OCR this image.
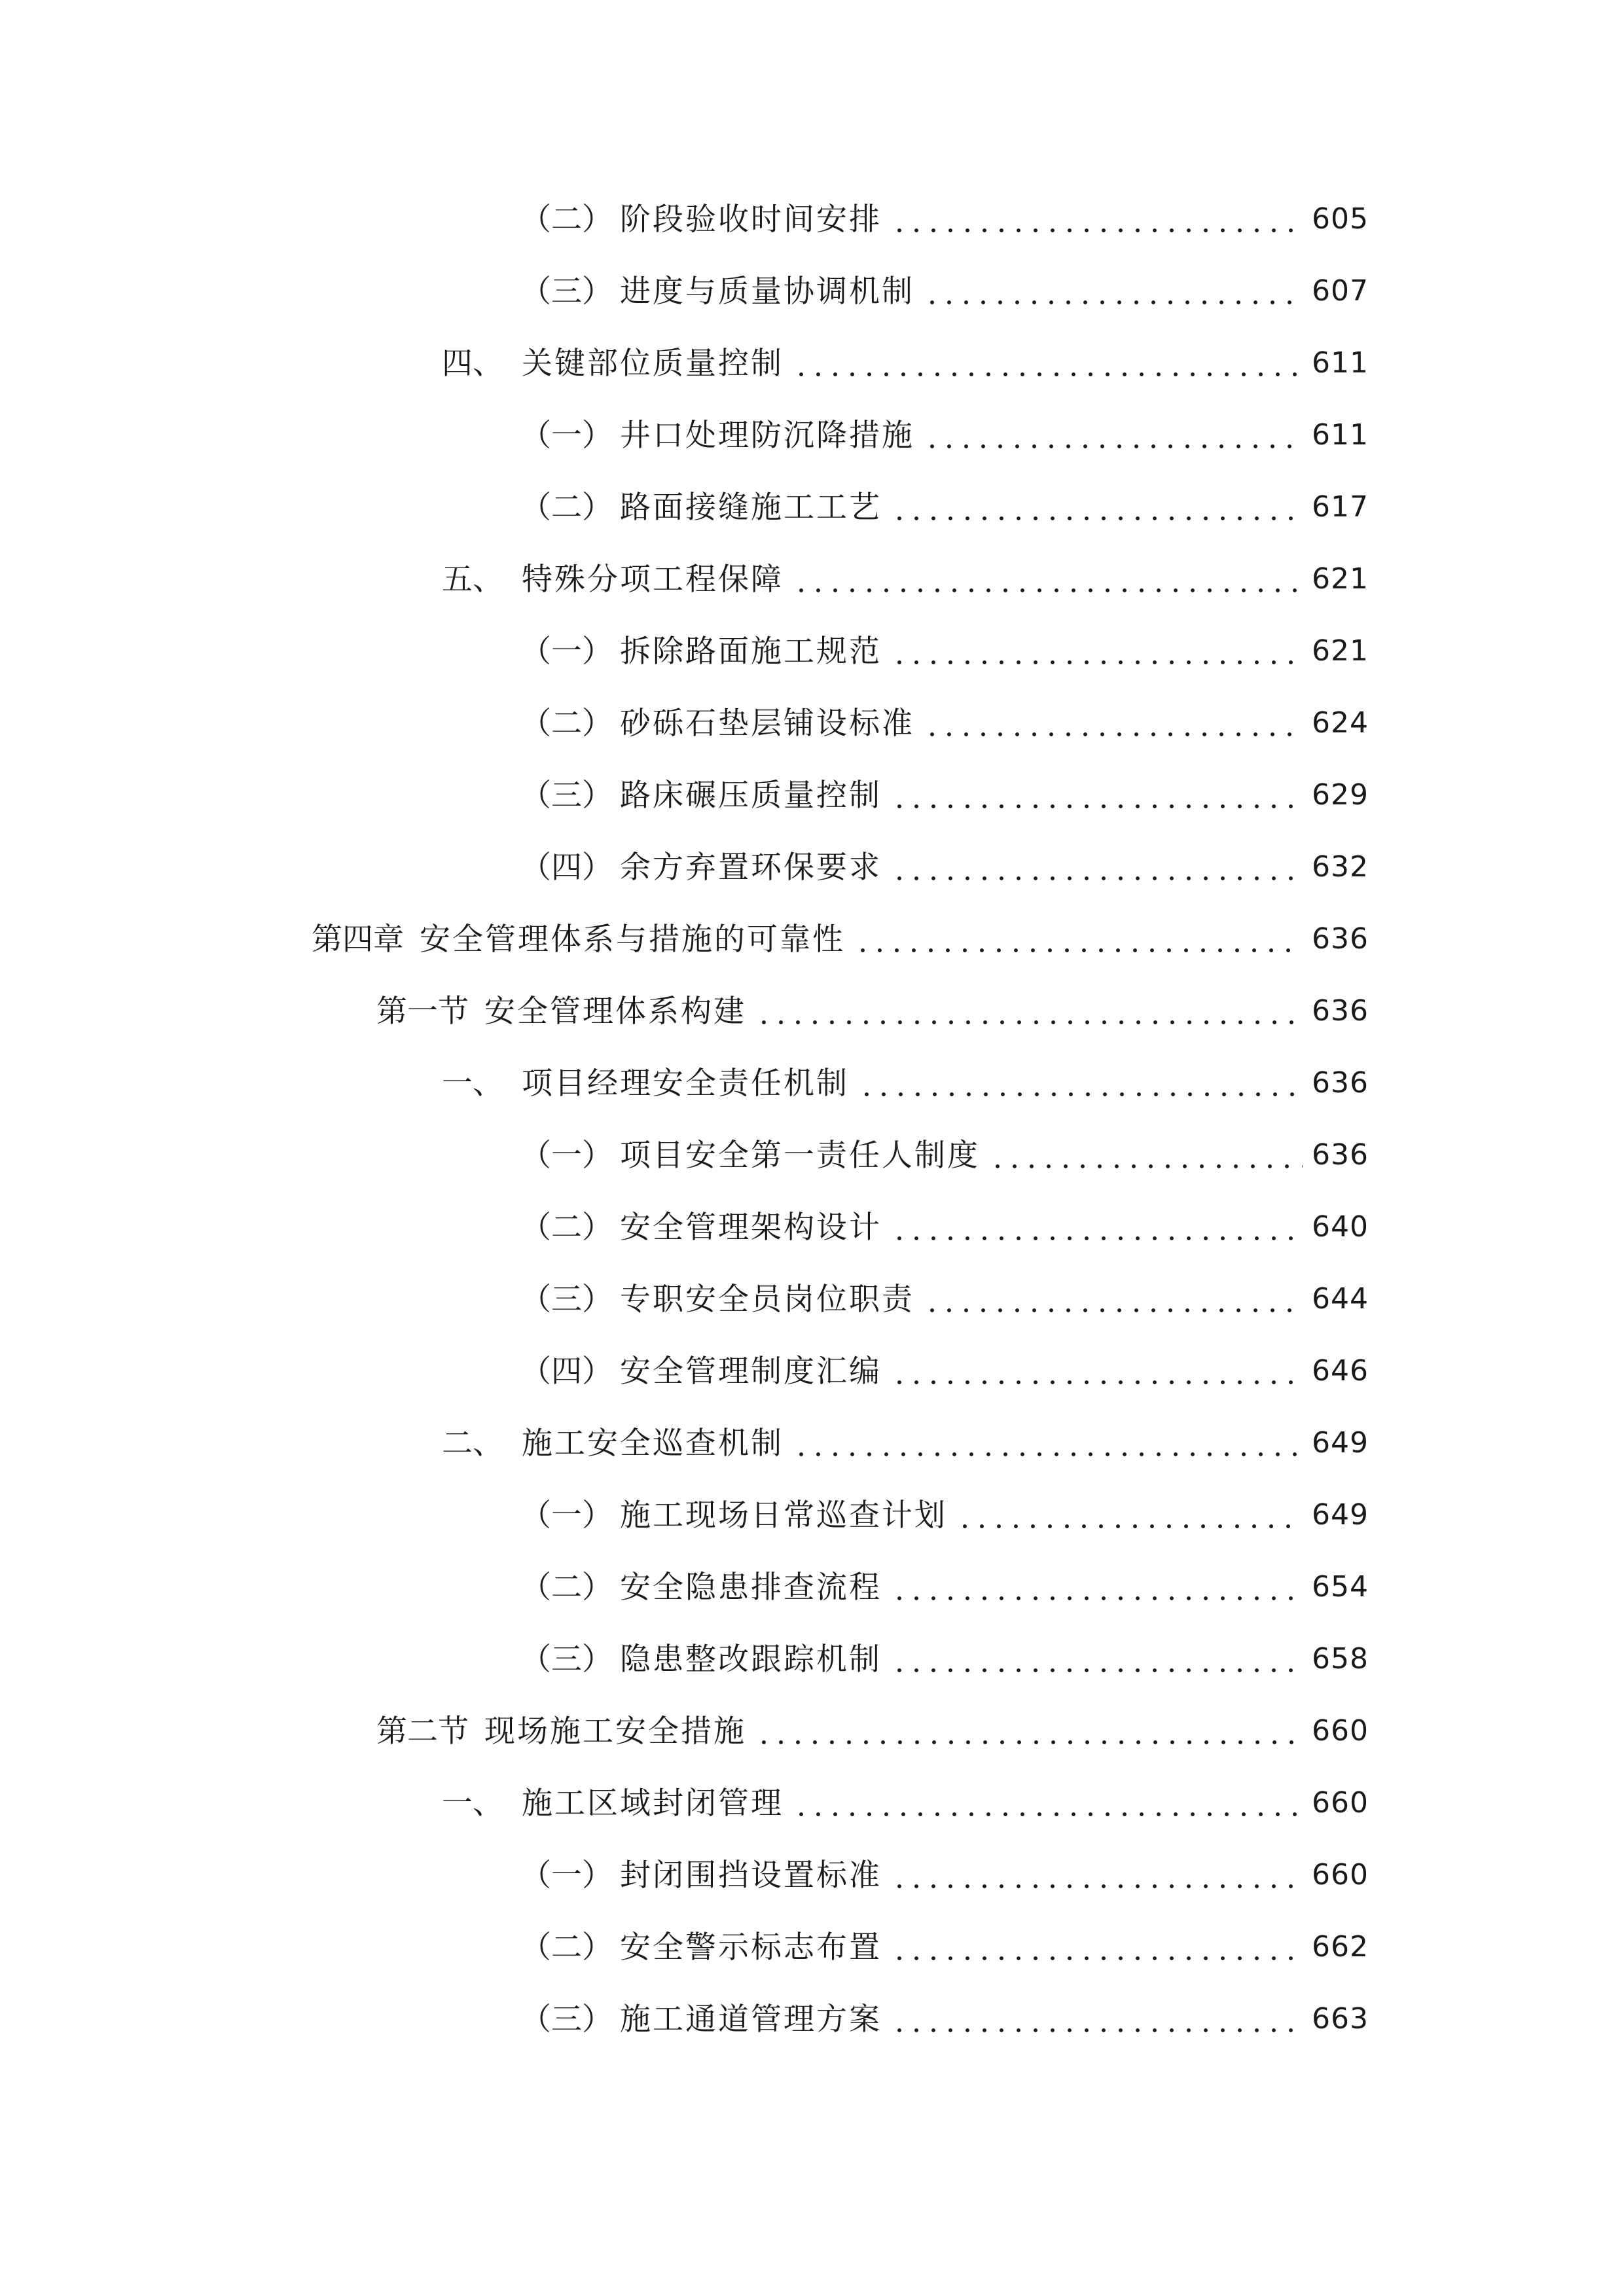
（二） 阶段验收时间安排	605
（三） 进度与质量协调机制	607
四、 关键部位质量控制	611
（一） 井口处理防沉降措施	611
（二） 路面接缝施工工艺	617
五、 特殊分项工程保障	621
（一） 拆除路面施工规范	621
（二） 砂砾石垫层铺设标准	624
（三） 路床碾压质量控制	629
（四） 余方弃置环保要求	632
第四章 安全管理体系与措施的可靠性	636
第一节 安全管理体系构建	636
一、 项目经理安全责任机制	636
（一） 项目安全第一责任人制度	636
（二） 安全管理架构设计	640
（三） 专职安全员岗位职责	644
（四） 安全管理制度汇编	646
二、 施工安全巡查机制	649
（一） 施工现场日常巡查计划	649
（二） 安全隐患排查流程	654
（三） 隐患整改跟踪机制	658
第二节 现场施工安全措施	660
一、 施工区域封闭管理	660
（一） 封闭围挡设置标准	660
（二） 安全警示标志布置	662
（三） 施工通道管理方案	663
